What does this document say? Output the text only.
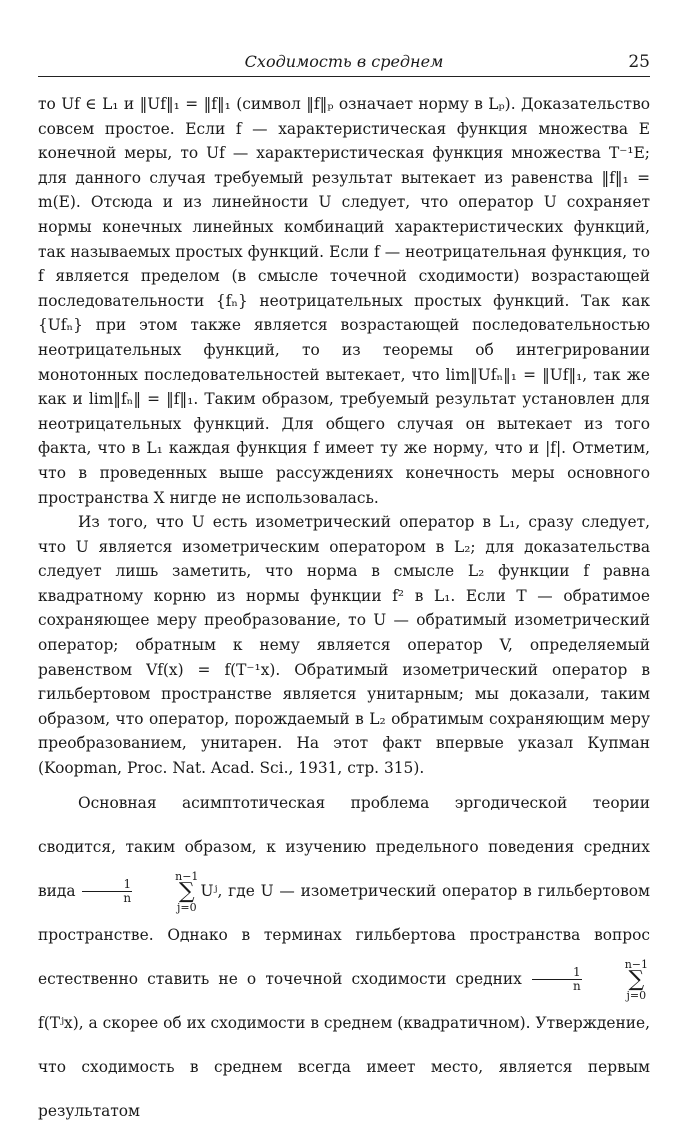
Сходимость в среднем	25

то Uf ∈ L₁ и ‖Uf‖₁ = ‖f‖₁ (символ ‖f‖ₚ означает норму в Lₚ). Доказательство совсем простое. Если f — характеристическая функция множества E конечной меры, то Uf — характеристическая функция множества T⁻¹E; для данного случая требуемый результат вытекает из равенства ‖f‖₁ = m(E). Отсюда и из линейности U следует, что оператор U сохраняет нормы конечных линейных комбинаций характеристических функций, так называемых простых функций. Если f — неотрицательная функция, то f является пределом (в смысле точечной сходимости) возрастающей последовательности {fₙ} неотрицательных простых функций. Так как {Ufₙ} при этом также является возрастающей последовательностью неотрицательных функций, то из теоремы об интегрировании монотонных последовательностей вытекает, что lim‖Ufₙ‖₁ = ‖Uf‖₁, так же как и lim‖fₙ‖ = ‖f‖₁. Таким образом, требуемый результат установлен для неотрицательных функций. Для общего случая он вытекает из того факта, что в L₁ каждая функция f имеет ту же норму, что и |f|. Отметим, что в проведенных выше рассуждениях конечность меры основного пространства X нигде не использовалась.

Из того, что U есть изометрический оператор в L₁, сразу следует, что U является изометрическим оператором в L₂; для доказательства следует лишь заметить, что норма в смысле L₂ функции f равна квадратному корню из нормы функции f² в L₁. Если T — обратимое сохраняющее меру преобразование, то U — обратимый изометрический оператор; обратным к нему является оператор V, определяемый равенством Vf(x) = f(T⁻¹x). Обратимый изометрический оператор в гильбертовом пространстве является унитарным; мы доказали, таким образом, что оператор, порождаемый в L₂ обратимым сохраняющим меру преобразованием, унитарен. На этот факт впервые указал Купман (Koopman, Proc. Nat. Acad. Sci., 1931, стр. 315).

Основная асимптотическая проблема эргодической теории сводится, таким образом, к изучению предельного поведения средних вида $\frac{1}{n}$
n−1
∑
j=0
Uʲ, где U — изометрический оператор в гильбертовом пространстве. Однако в терминах гильбертова пространства вопрос естественно ставить не о точечной сходимости средних $\frac{1}{n}$
n−1
∑
j=0
f(Tʲx), а скорее об их сходимости в среднем (квадратичном). Утверждение, что сходимость в среднем всегда имеет место, является первым результатом
